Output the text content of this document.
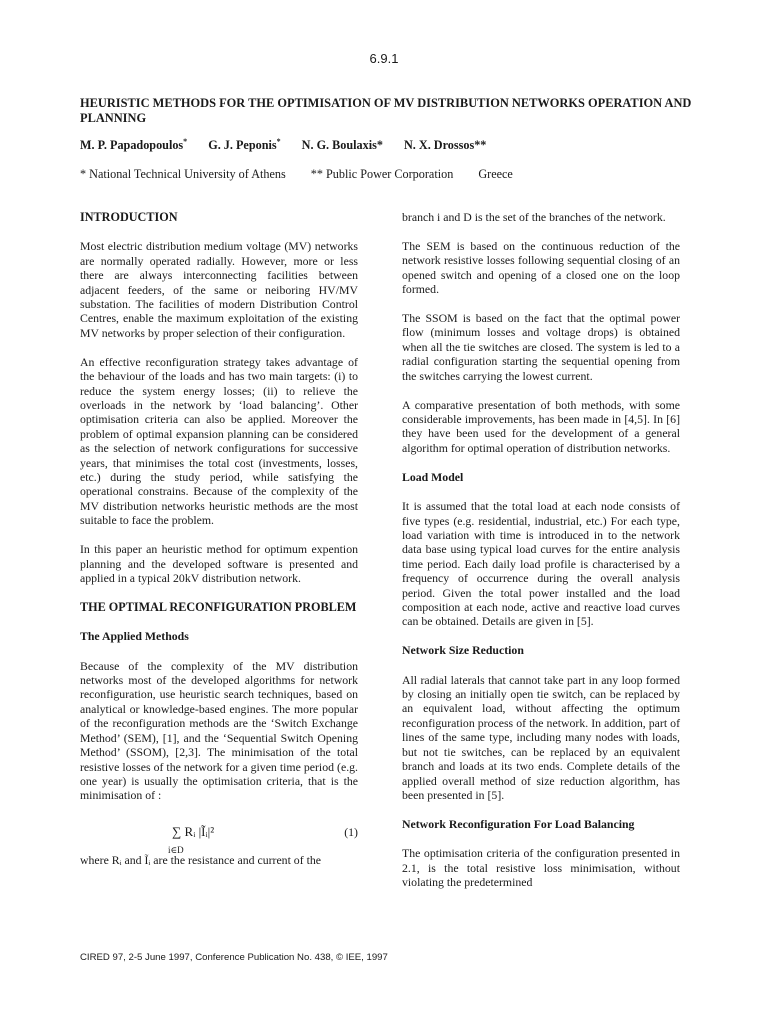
6.9.1
HEURISTIC METHODS FOR THE OPTIMISATION OF MV DISTRIBUTION NETWORKS OPERATION AND PLANNING
M. P. Papadopoulos* G. J. Peponis* N. G. Boulaxis* N. X. Drossos**
* National Technical University of Athens ** Public Power Corporation Greece
INTRODUCTION

Most electric distribution medium voltage (MV) networks are normally operated radially. However, more or less there are always interconnecting facilities between adjacent feeders, of the same or neiboring HV/MV substation. The facilities of modern Distribution Control Centres, enable the maximum exploitation of the existing MV networks by proper selection of their configuration.

An effective reconfiguration strategy takes advantage of the behaviour of the loads and has two main targets: (i) to reduce the system energy losses; (ii) to relieve the overloads in the network by ‘load balancing’. Other optimisation criteria can also be applied. Moreover the problem of optimal expansion planning can be considered as the selection of network configurations for successive years, that minimises the total cost (investments, losses, etc.) during the study period, while satisfying the operational constrains. Because of the complexity of the MV distribution networks heuristic methods are the most suitable to face the problem.

In this paper an heuristic method for optimum expention planning and the developed software is presented and applied in a typical 20kV distribution network.

THE OPTIMAL RECONFIGURATION PROBLEM
The Applied Methods

Because of the complexity of the MV distribution networks most of the developed algorithms for network reconfiguration, use heuristic search techniques, based on analytical or knowledge-based engines. The more popular of the reconfiguration methods are the ‘Switch Exchange Method’ (SEM), [1], and the ‘Sequential Switch Opening Method’ (SSOM), [2,3]. The minimisation of the total resistive losses of the network for a given time period (e.g. one year) is usually the optimisation criteria, that is the minimisation of :

∑ Rᵢ |Ĩᵢ|²
i∈D
(1)

where Rᵢ and Ĩᵢ are the resistance and current of the

branch i and D is the set of the branches of the network.

The SEM is based on the continuous reduction of the network resistive losses following sequential closing of an opened switch and opening of a closed one on the loop formed.

The SSOM is based on the fact that the optimal power flow (minimum losses and voltage drops) is obtained when all the tie switches are closed. The system is led to a radial configuration starting the sequential opening from the switches carrying the lowest current.

A comparative presentation of both methods, with some considerable improvements, has been made in [4,5]. In [6] they have been used for the development of a general algorithm for optimal operation of distribution networks.

Load Model

It is assumed that the total load at each node consists of five types (e.g. residential, industrial, etc.) For each type, load variation with time is introduced in to the network data base using typical load curves for the entire analysis time period. Each daily load profile is characterised by a frequency of occurrence during the overall analysis period. Given the total power installed and the load composition at each node, active and reactive load curves can be obtained. Details are given in [5].

Network Size Reduction

All radial laterals that cannot take part in any loop formed by closing an initially open tie switch, can be replaced by an equivalent load, without affecting the optimum reconfiguration process of the network. In addition, part of lines of the same type, including many nodes with loads, but not tie switches, can be replaced by an equivalent branch and loads at its two ends. Complete details of the applied overall method of size reduction algorithm, has been presented in [5].

Network Reconfiguration For Load Balancing

The optimisation criteria of the configuration presented in 2.1, is the total resistive loss minimisation, without violating the predetermined

CIRED 97, 2-5 June 1997, Conference Publication No. 438, © IEE, 1997
